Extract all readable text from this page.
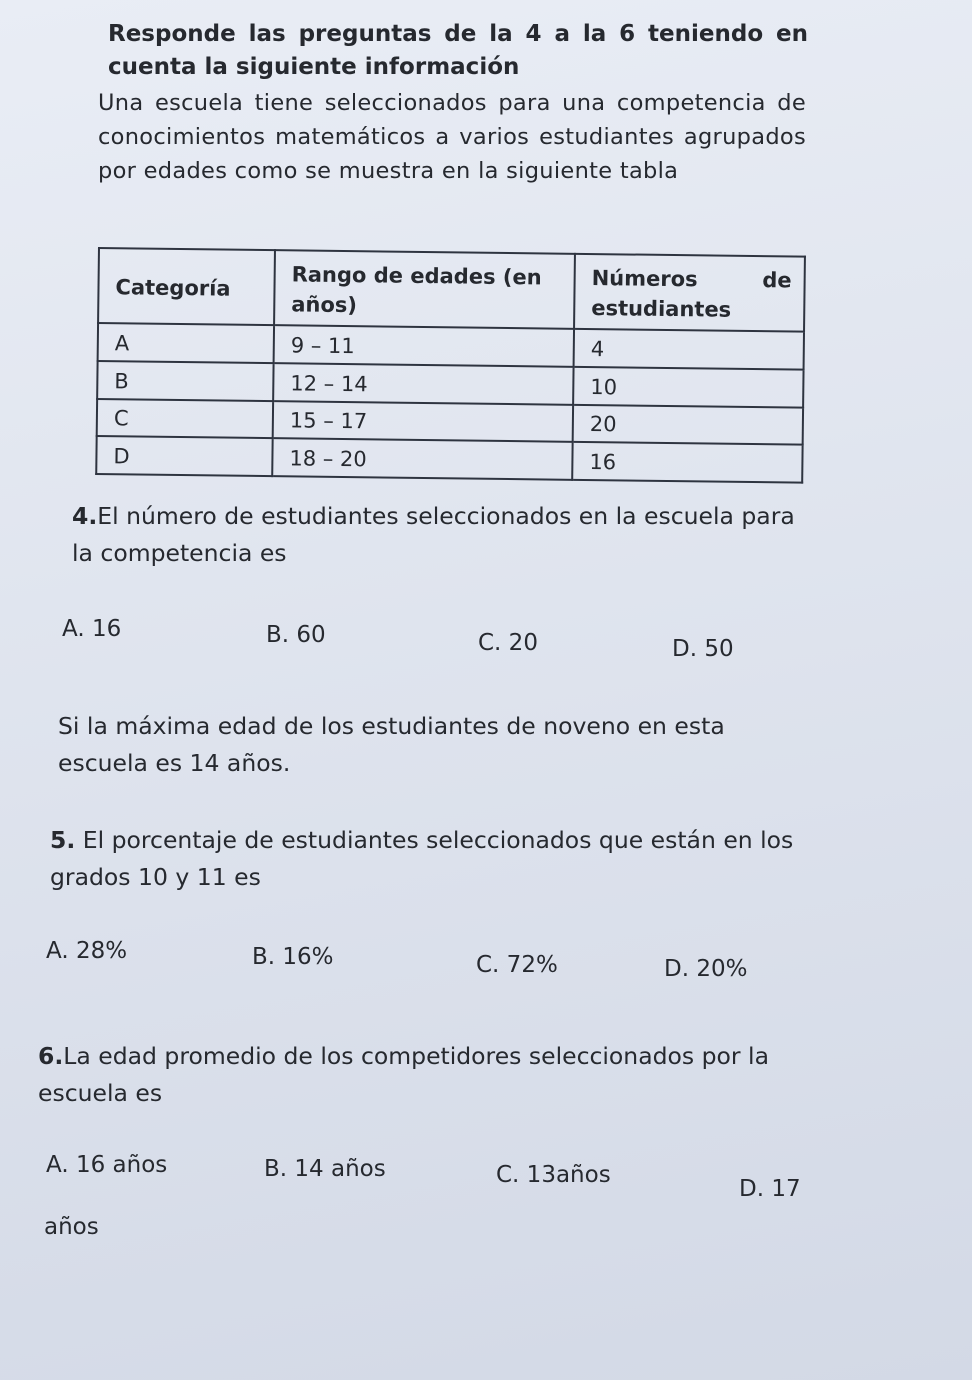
Responde las preguntas de la 4 a la 6 teniendo en cuenta la siguiente información
Una escuela tiene seleccionados para una competencia de conocimientos matemáticos a varios estudiantes agrupados por edades como se muestra en la siguiente tabla
Categoría	Rango de edades (en años)	Números de estudiantes
A	9 – 11	4
B	12 – 14	10
C	15 – 17	20
D	18 – 20	16
4.El número de estudiantes seleccionados en la escuela para la competencia es
A. 16	B. 60	C. 20	D. 50
Si la máxima edad de los estudiantes de noveno en esta escuela es 14 años.
5. El porcentaje de estudiantes seleccionados que están en los grados 10 y 11 es
A. 28%	B. 16%	C. 72%	D. 20%
6.La edad promedio de los competidores seleccionados por la escuela es
A. 16 años	B. 14 años	C. 13años
D. 17 años
